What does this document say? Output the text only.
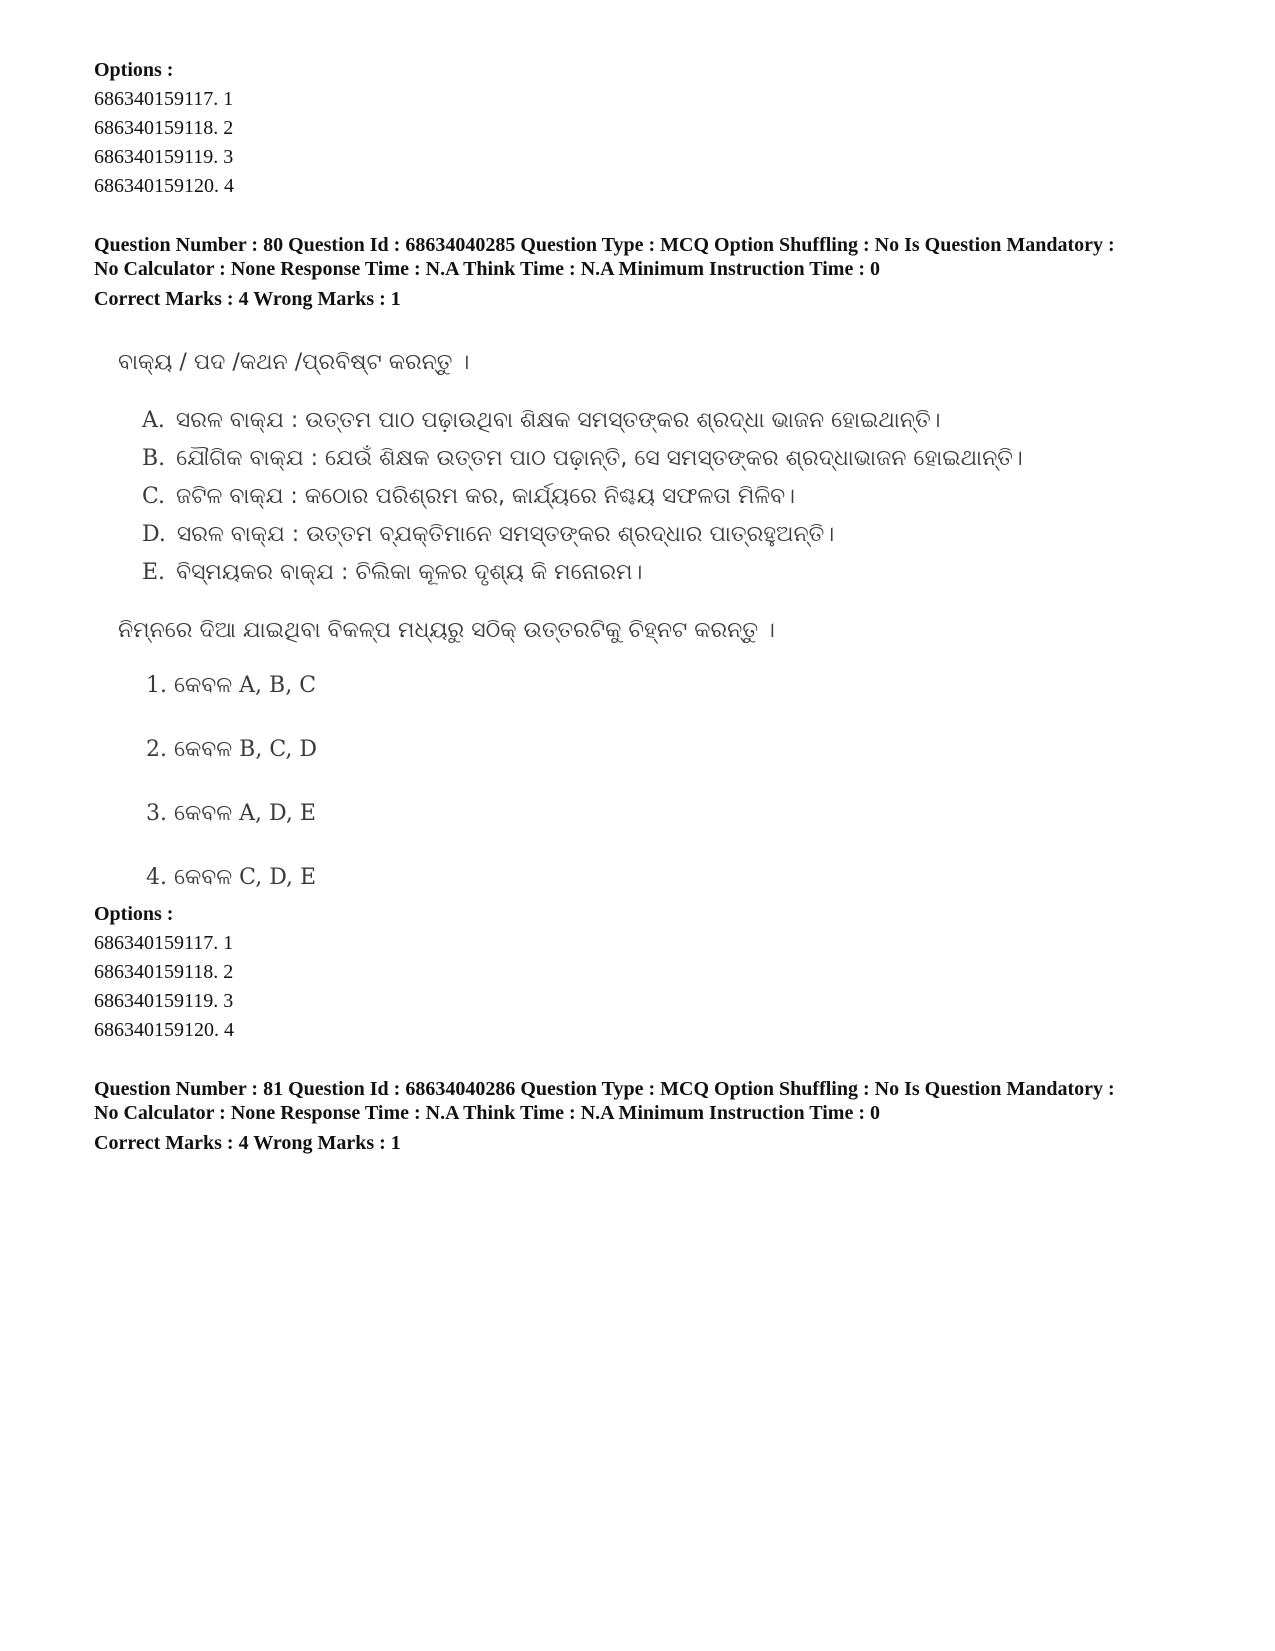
Options :
686340159117. 1
686340159118. 2
686340159119. 3
686340159120. 4
Question Number : 80 Question Id : 68634040285 Question Type : MCQ Option Shuffling : No Is Question Mandatory :
No Calculator : None Response Time : N.A Think Time : N.A Minimum Instruction Time : 0
Correct Marks : 4 Wrong Marks : 1
ବାକ୍ୟ / ପଦ /କଥନ /ପ୍ରବିଷ୍ଟ କରନ୍ତୁ ।
A. ସରଳ ବାକ୍ଯ : ଉତ୍ତମ ପାଠ ପଢ଼ାଉଥିବା ଶିକ୍ଷକ ସମସ୍ତଙ୍କର ଶ୍ରଦ୍ଧା ଭାଜନ ହୋଇଥାନ୍ତି।
B. ଯୌଗିକ ବାକ୍ଯ : ଯେଉଁ ଶିକ୍ଷକ ଉତ୍ତମ ପାଠ ପଢ଼ାନ୍ତି, ସେ ସମସ୍ତଙ୍କର ଶ୍ରଦ୍ଧାଭାଜନ ହୋଇଥାନ୍ତି।
C. ଜଟିଳ ବାକ୍ଯ : କଠୋର ପରିଶ୍ରମ କର, କାର୍ଯ୍ୟରେ ନିଶ୍ଚୟ ସଫଳତା ମିଳିବ।
D. ସରଳ ବାକ୍ଯ : ଉତ୍ତମ ବ୍ଯକ୍ତିମାନେ ସମସ୍ତଙ୍କର ଶ୍ରଦ୍ଧାର ପାତ୍ରହୁଅନ୍ତି।
E. ବିସ୍ମୟକର ବାକ୍ଯ : ଚିଲିକା କୂଳର ଦୃଶ୍ୟ କି ମନୋରମ।
ନିମ୍ନରେ ଦିଆ ଯାଇଥିବା ବିକଳ୍ପ ମଧ୍ୟରୁ ସଠିକ୍ ଉତ୍ତରଟିକୁ ଚିହ୍ନଟ କରନ୍ତୁ ।
1. କେବଳ A, B, C
2. କେବଳ B, C, D
3. କେବଳ A, D, E
4. କେବଳ C, D, E
Options :
686340159117. 1
686340159118. 2
686340159119. 3
686340159120. 4
Question Number : 81 Question Id : 68634040286 Question Type : MCQ Option Shuffling : No Is Question Mandatory :
No Calculator : None Response Time : N.A Think Time : N.A Minimum Instruction Time : 0
Correct Marks : 4 Wrong Marks : 1
